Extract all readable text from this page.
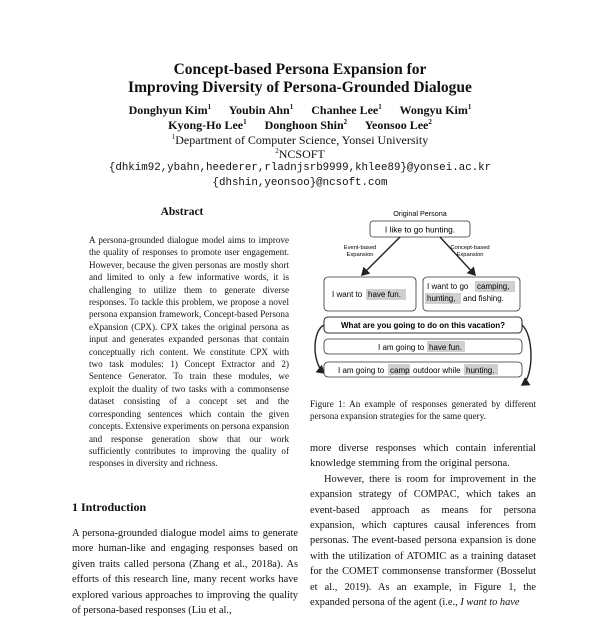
Concept-based Persona Expansion for
Improving Diversity of Persona-Grounded Dialogue
Donghyun Kim$^1$ Youbin Ahn$^1$ Chanhee Lee$^1$ Wongyu Kim$^1$
Kyong-Ho Lee$^1$ Donghoon Shin$^2$ Yeonsoo Lee$^2$
$^1$Department of Computer Science, Yonsei University
$^2$NCSOFT
{dhkim92,ybahn,heederer,rladnjsrb9999,khlee89}@yonsei.ac.kr
{dhshin,yeonsoo}@ncsoft.com
Abstract
A persona-grounded dialogue model aims to improve the quality of responses to promote user engagement. However, because the given personas are mostly short and limited to only a few informative words, it is challenging to utilize them to generate diverse responses. To tackle this problem, we propose a novel persona expansion framework, Concept-based Persona eXpansion (CPX). CPX takes the original persona as input and generates expanded personas that contain conceptually rich content. We constitute CPX with two task modules: 1) Concept Extractor and 2) Sentence Generator. To train these modules, we exploit the duality of two tasks with a commonsense dataset consisting of a concept set and the corresponding sentences which contain the given concepts. Extensive experiments on persona expansion and response generation show that our work sufficiently contributes to improving the quality of responses in diversity and richness.
1 Introduction
A persona-grounded dialogue model aims to generate more human-like and engaging responses based on given traits called persona (Zhang et al., 2018a). As efforts of this research line, many recent works have explored various approaches to improving the quality of persona-based responses (Liu et al.,
Original Persona
I like to go hunting.
Event-based
Expansion
Concept-based
Expansion
I want to have fun.
I want to go camping,
hunting, and fishing.
What are you going to do on this vacation?
I am going to have fun.
I am going to camp outdoor while hunting.
Figure 1: An example of responses generated by different persona expansion strategies for the same query.
more diverse responses which contain inferential knowledge stemming from the original persona.
However, there is room for improvement in the expansion strategy of COMPAC, which takes an event-based approach as means for persona expansion, which captures causal inferences from personas. The event-based persona expansion is done with the utilization of ATOMIC as a training dataset for the COMET commonsense transformer (Bosselut et al., 2019). As an example, in Figure 1, the expanded persona of the agent (i.e., I want to have
